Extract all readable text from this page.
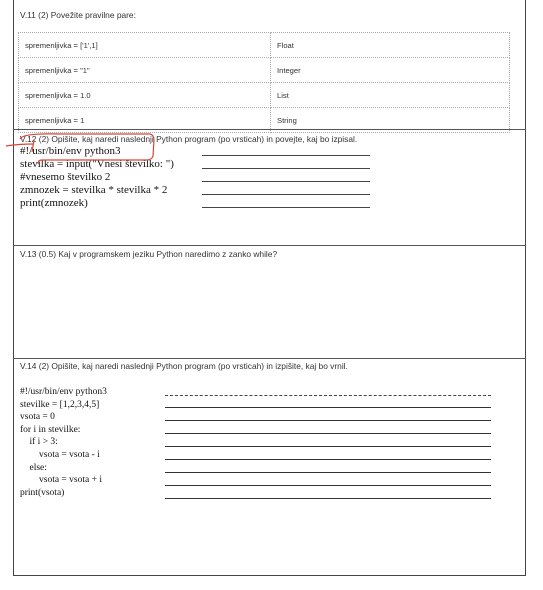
V.11 (2) Povežite pravilne pare:
spremenljivka = ['1',1]	Float
spremenljivka = "1"	Integer
spremenljivka = 1.0	List
spremenljivka = 1	String
V.12 (2) Opišite, kaj naredi naslednji Python program (po vrsticah) in povejte, kaj bo izpisal.
#!/usr/bin/env python3
stevilka = input("Vnesi številko: ")
#vnesemo številko 2
zmnozek = stevilka * stevilka * 2
print(zmnozek)
V.13 (0.5) Kaj v programskem jeziku Python naredimo z zanko while?
V.14 (2) Opišite, kaj naredi naslednji Python program (po vrsticah) in izpišite, kaj bo vrnil.
#!/usr/bin/env python3
stevilke = [1,2,3,4,5]
vsota = 0
for i in stevilke:
if i > 3:
vsota = vsota - i
else:
vsota = vsota + i
print(vsota)
